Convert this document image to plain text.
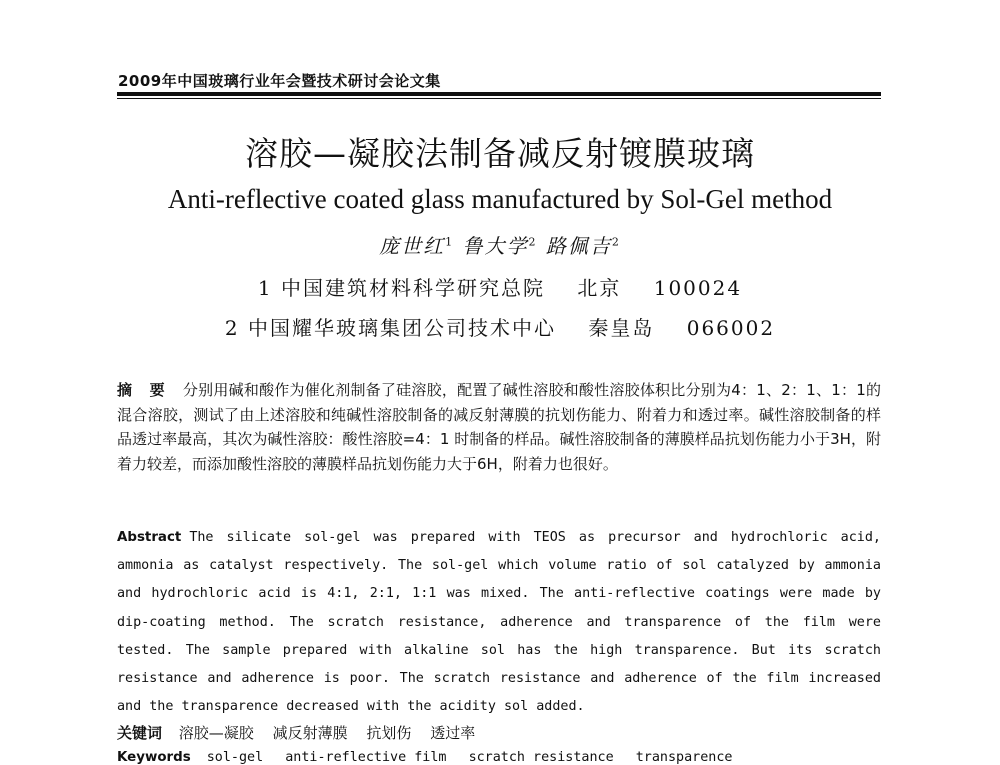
2009年中国玻璃行业年会暨技术研讨会论文集
溶胶—凝胶法制备减反射镀膜玻璃
Anti-reflective coated glass manufactured by Sol-Gel method
庞世红$^1$ 鲁大学$^2$ 路佩吉$^2$
1 中国建筑材料科学研究总院 北京 100024
2 中国耀华玻璃集团公司技术中心 秦皇岛 066002
摘 要 分别用碱和酸作为催化剂制备了硅溶胶，配置了碱性溶胶和酸性溶胶体积比分别为4：1、2：1、1：1的混合溶胶，测试了由上述溶胶和纯碱性溶胶制备的减反射薄膜的抗划伤能力、附着力和透过率。碱性溶胶制备的样品透过率最高，其次为碱性溶胶：酸性溶胶=4：1 时制备的样品。碱性溶胶制备的薄膜样品抗划伤能力小于3H，附着力较差，而添加酸性溶胶的薄膜样品抗划伤能力大于6H，附着力也很好。
Abstract The silicate sol-gel was prepared with TEOS as precursor and hydrochloric acid, ammonia as catalyst respectively. The sol-gel which volume ratio of sol catalyzed by ammonia and hydrochloric acid is 4:1, 2:1, 1:1 was mixed. The anti-reflective coatings were made by dip-coating method. The scratch resistance, adherence and transparence of the film were tested. The sample prepared with alkaline sol has the high transparence. But its scratch resistance and adherence is poor. The scratch resistance and adherence of the film increased and the transparence decreased with the acidity sol added.
关键词 溶胶—凝胶 减反射薄膜 抗划伤 透过率
Keywords sol-gel anti-reflective film scratch resistance transparence
